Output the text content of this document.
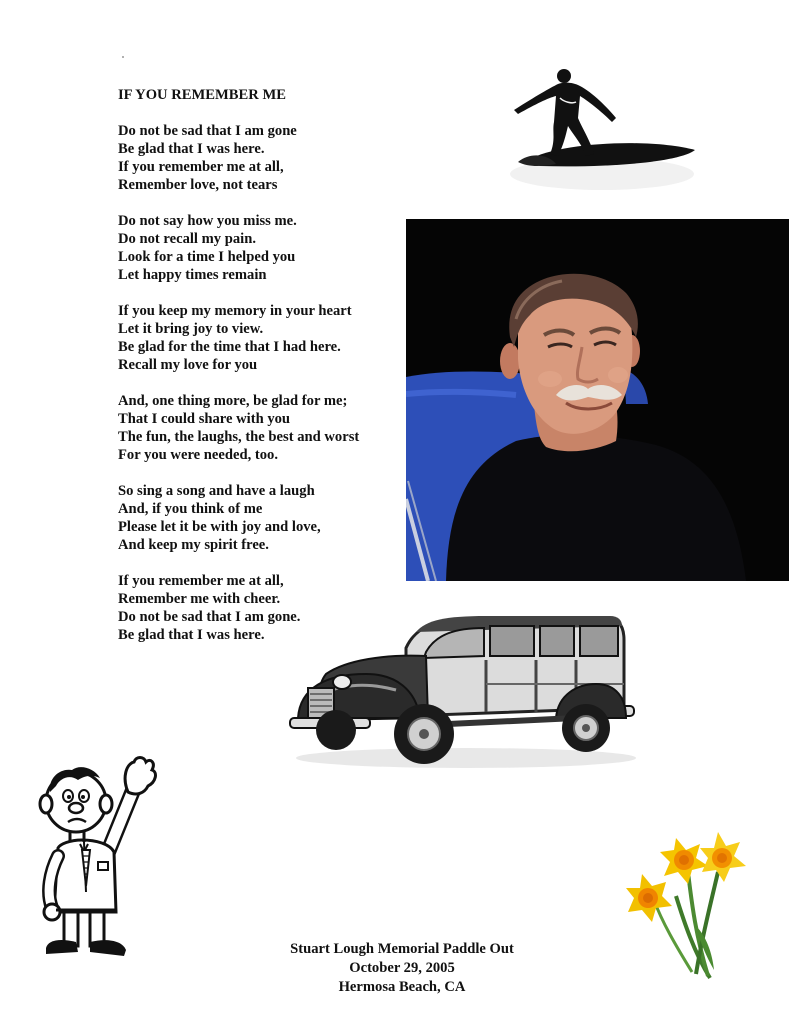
IF YOU REMEMBER ME
Do not be sad that I am gone
Be glad that I was here.
If you remember me at all,
Remember love, not tears
Do not say how you miss me.
Do not recall my pain.
Look for a time I helped you
Let happy times remain
If you keep my memory in your heart
Let it bring joy to view.
Be glad for the time that I had here.
Recall my love for you
And, one thing more, be glad for me;
That I could share with you
The fun, the laughs, the best and worst
For you were needed, too.
So sing a song and have a laugh
And, if you think of me
Please let it be with joy and love,
And keep my spirit free.
If you remember me at all,
Remember me with cheer.
Do not be sad that I am gone.
Be glad that I was here.
Stuart Lough Memorial Paddle Out
October 29, 2005
Hermosa Beach, CA
